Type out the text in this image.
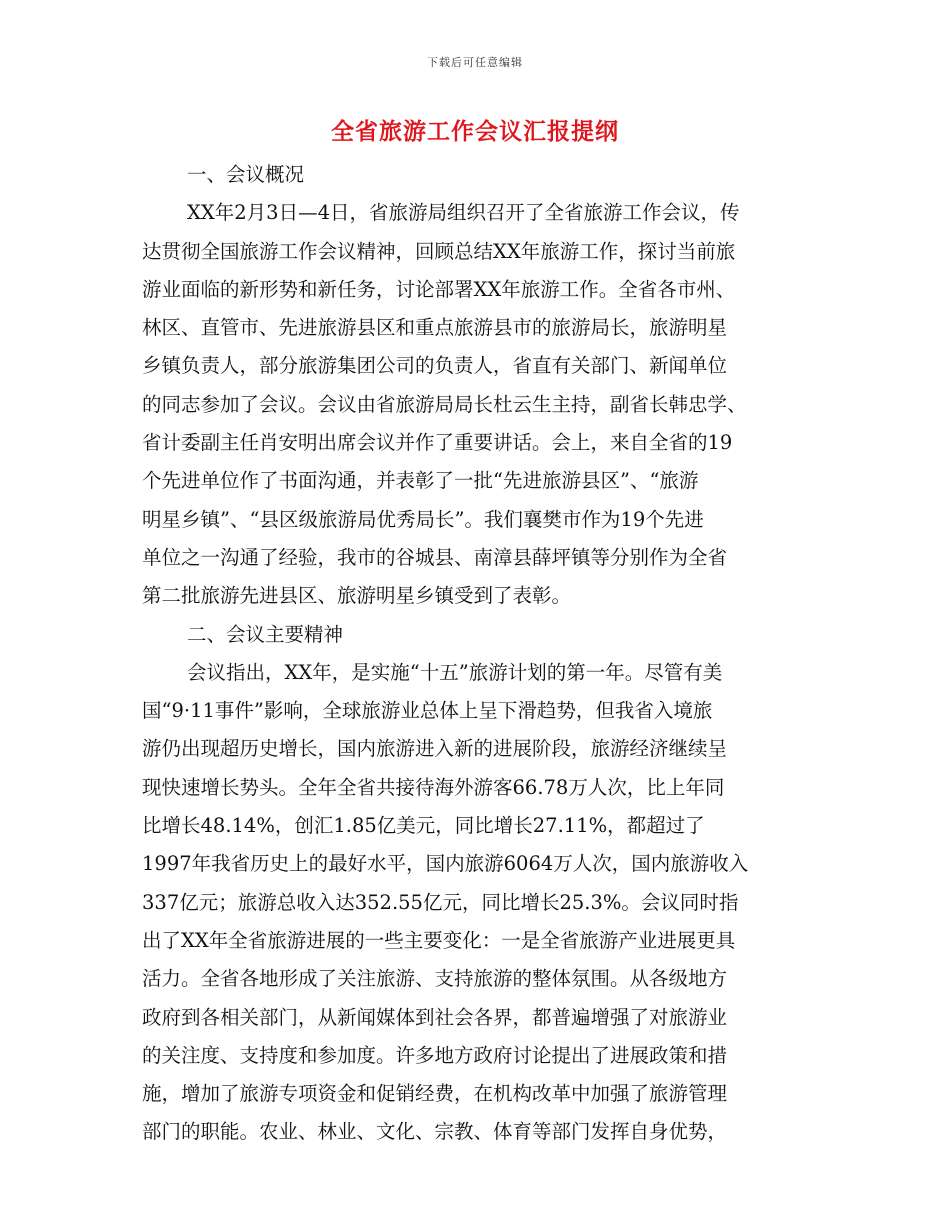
下载后可任意编辑
全省旅游工作会议汇报提纲
一、会议概况
XX年2月3日—4日，省旅游局组织召开了全省旅游工作会议，传
达贯彻全国旅游工作会议精神，回顾总结XX年旅游工作，探讨当前旅
游业面临的新形势和新任务，讨论部署XX年旅游工作。全省各市州、
林区、直管市、先进旅游县区和重点旅游县市的旅游局长，旅游明星
乡镇负责人，部分旅游集团公司的负责人，省直有关部门、新闻单位
的同志参加了会议。会议由省旅游局局长杜云生主持，副省长韩忠学、
省计委副主任肖安明出席会议并作了重要讲话。会上，来自全省的19
个先进单位作了书面沟通，并表彰了一批“先进旅游县区”、“旅游
明星乡镇”、“县区级旅游局优秀局长”。我们襄樊市作为19个先进
单位之一沟通了经验，我市的谷城县、南漳县薛坪镇等分别作为全省
第二批旅游先进县区、旅游明星乡镇受到了表彰。
二、会议主要精神
会议指出，XX年，是实施“十五”旅游计划的第一年。尽管有美
国“9·11事件”影响，全球旅游业总体上呈下滑趋势，但我省入境旅
游仍出现超历史增长，国内旅游进入新的进展阶段，旅游经济继续呈
现快速增长势头。全年全省共接待海外游客66.78万人次，比上年同
比增长48.14%，创汇1.85亿美元，同比增长27.11%，都超过了
1997年我省历史上的最好水平，国内旅游6064万人次，国内旅游收入
337亿元；旅游总收入达352.55亿元，同比增长25.3%。会议同时指
出了XX年全省旅游进展的一些主要变化：一是全省旅游产业进展更具
活力。全省各地形成了关注旅游、支持旅游的整体氛围。从各级地方
政府到各相关部门，从新闻媒体到社会各界，都普遍增强了对旅游业
的关注度、支持度和参加度。许多地方政府讨论提出了进展政策和措
施，增加了旅游专项资金和促销经费，在机构改革中加强了旅游管理
部门的职能。农业、林业、文化、宗教、体育等部门发挥自身优势，
